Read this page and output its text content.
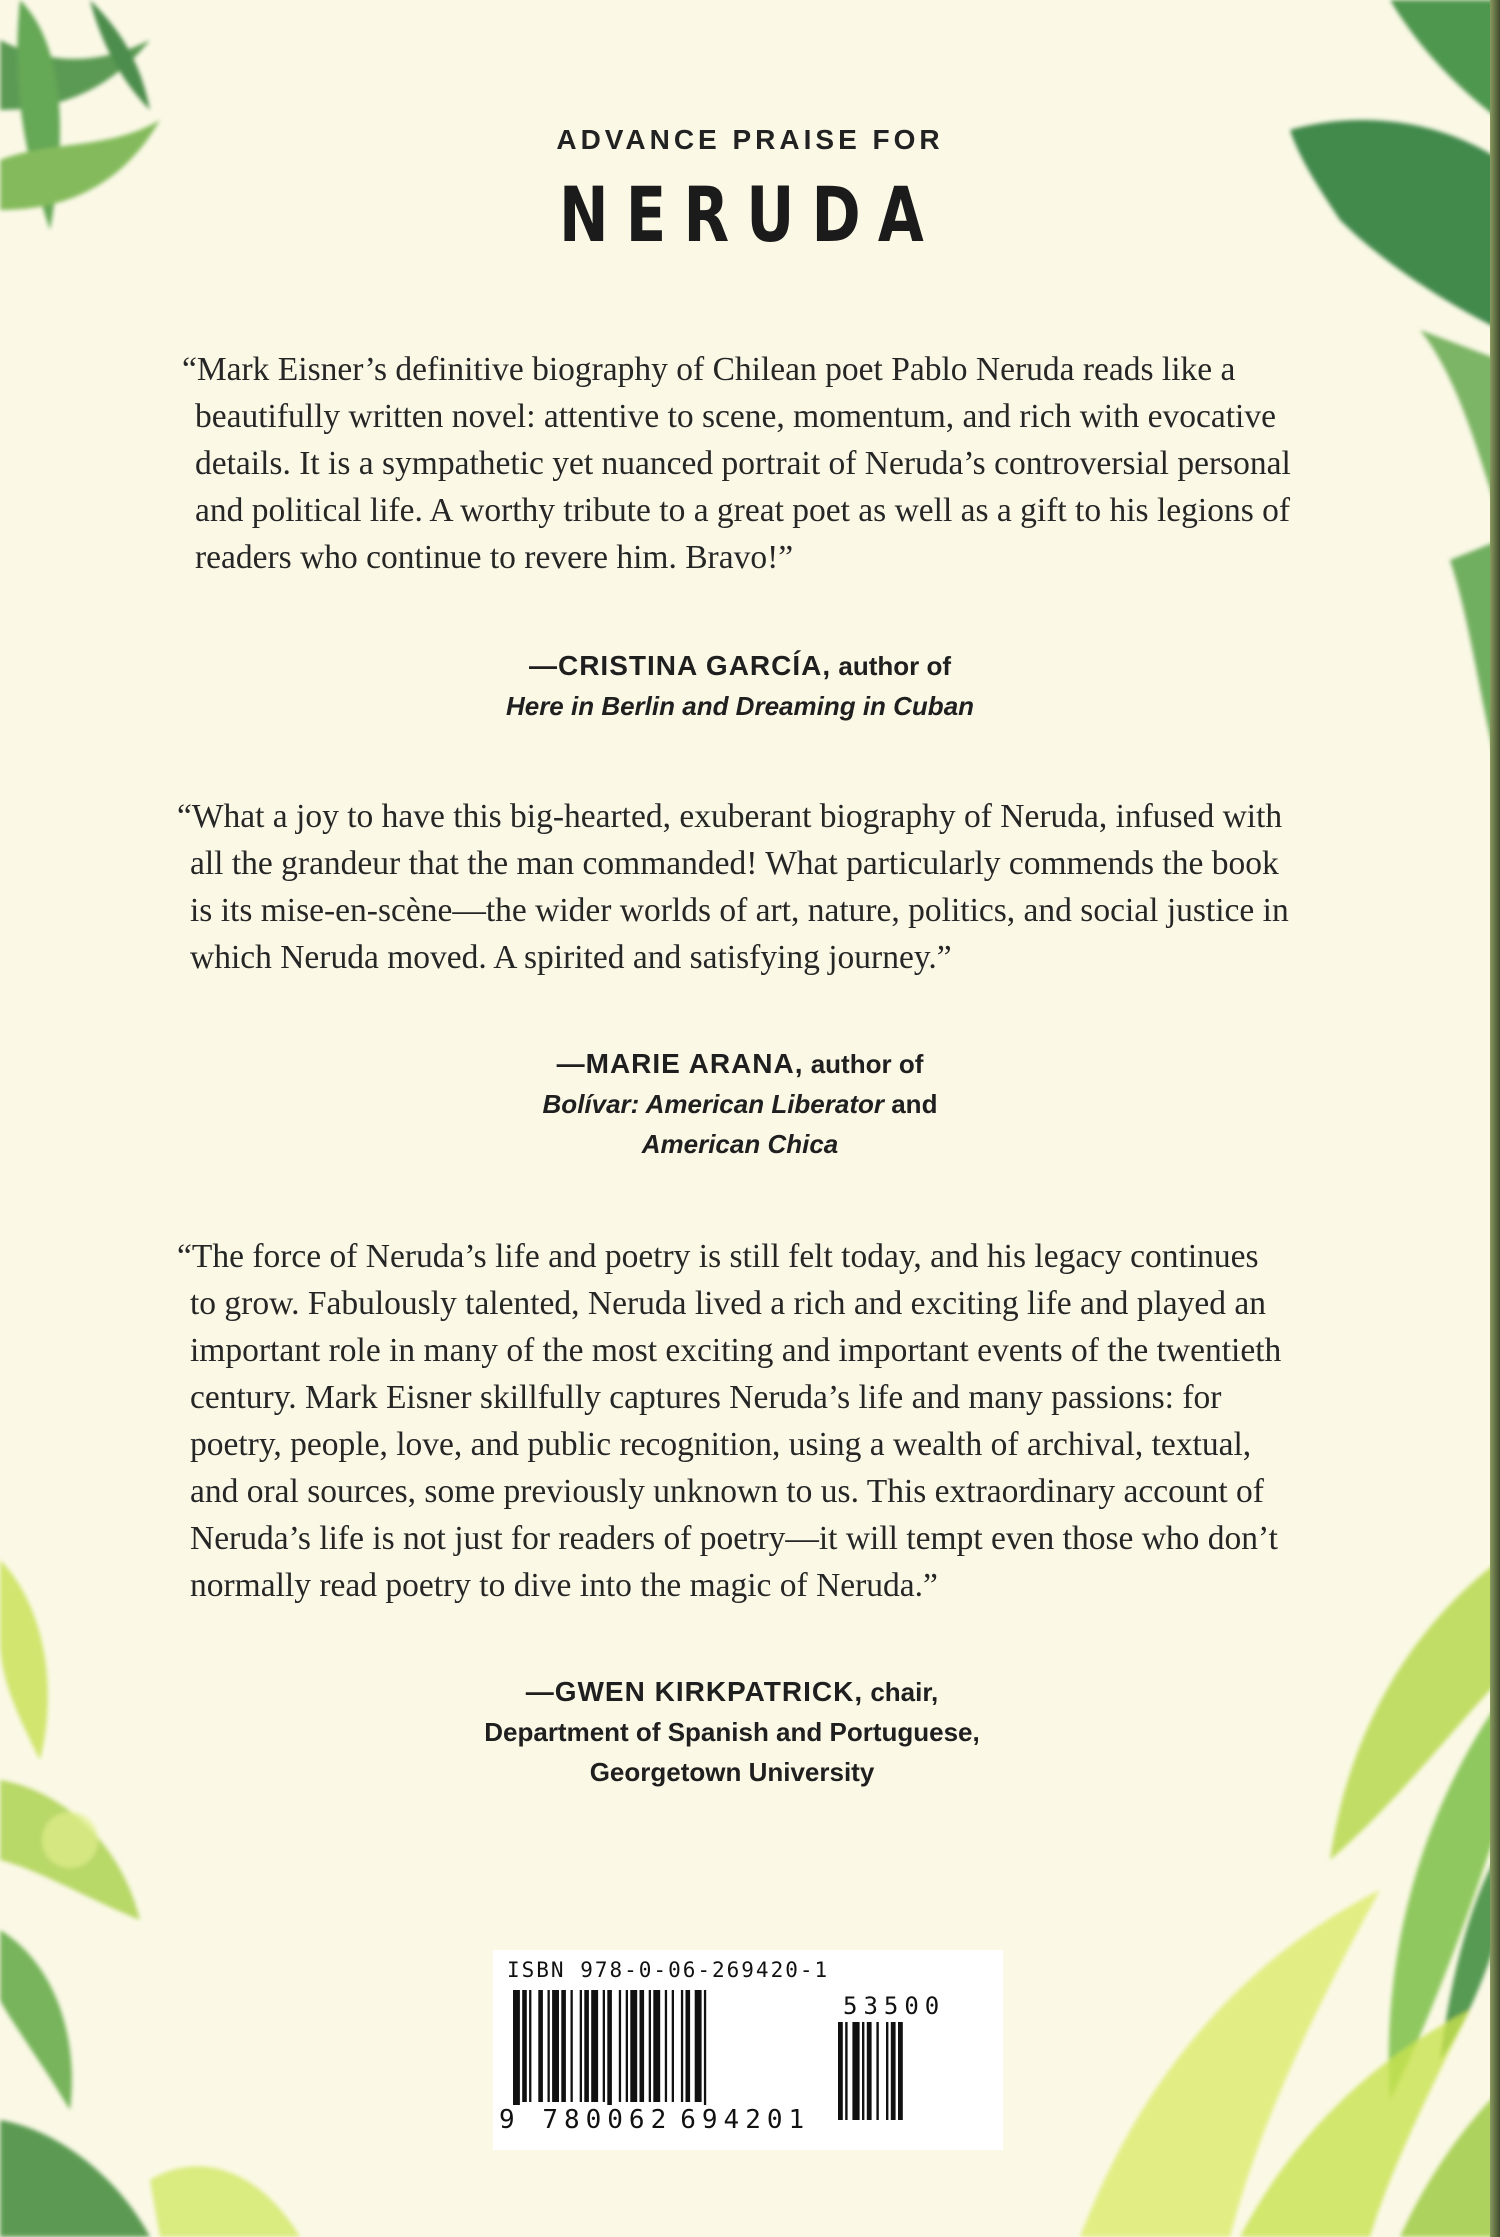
ADVANCE PRAISE FOR
NERUDA
“Mark Eisner’s definitive biography of Chilean poet Pablo Neruda reads like a beautifully written novel: attentive to scene, momentum, and rich with evocative details. It is a sympathetic yet nuanced portrait of Neruda’s controversial personal and political life. A worthy tribute to a great poet as well as a gift to his legions of readers who continue to revere him. Bravo!”
—CRISTINA GARCÍA, author of
Here in Berlin and Dreaming in Cuban
“What a joy to have this big-hearted, exuberant biography of Neruda, infused with all the grandeur that the man commanded! What particularly commends the book is its mise-en-scène—the wider worlds of art, nature, politics, and social justice in which Neruda moved. A spirited and satisfying journey.”
—MARIE ARANA, author of
Bolívar: American Liberator and
American Chica
“The force of Neruda’s life and poetry is still felt today, and his legacy continues to grow. Fabulously talented, Neruda lived a rich and exciting life and played an important role in many of the most exciting and important events of the twentieth century. Mark Eisner skillfully captures Neruda’s life and many passions: for poetry, people, love, and public recognition, using a wealth of archival, textual, and oral sources, some previously unknown to us. This extraordinary account of Neruda’s life is not just for readers of poetry—it will tempt even those who don’t normally read poetry to dive into the magic of Neruda.”
—GWEN KIRKPATRICK, chair,
Department of Spanish and Portuguese,
Georgetown University
ISBN 978-0-06-269420-1
53500
9 780062 694201
